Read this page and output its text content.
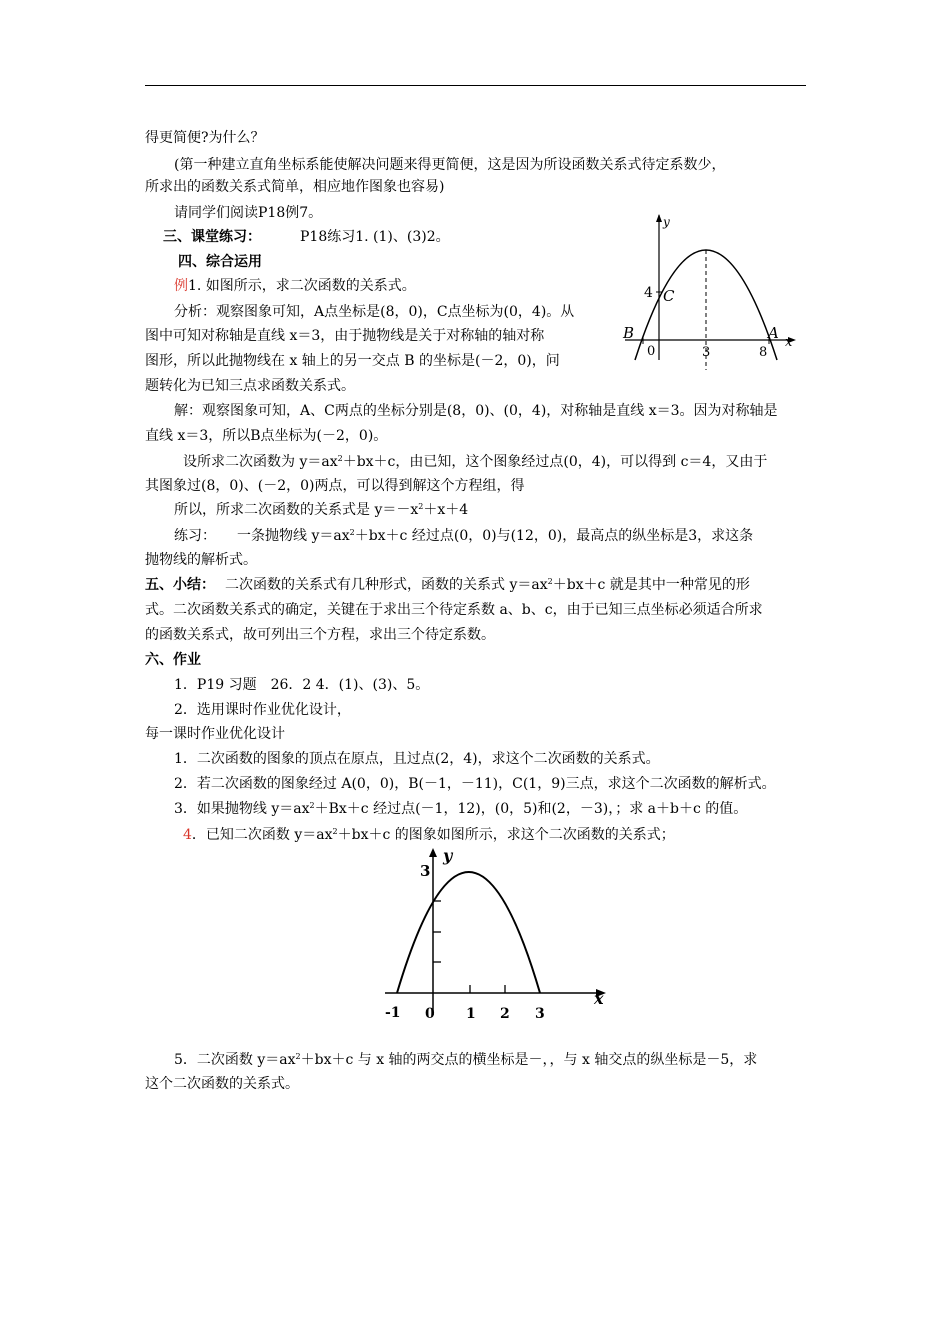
得更简便?为什么？
(第一种建立直角坐标系能使解决问题来得更简便，这是因为所设函数关系式待定系数少，
所求出的函数关系式简单，相应地作图象也容易)
请同学们阅读P18例7。
三、课堂练习：	P18练习1. (1)、(3)2。
四、综合运用
例1. 如图所示，求二次函数的关系式。
分析：观察图象可知，A点坐标是(8，0)，C点坐标为(0，4)。从
图中可知对称轴是直线 x＝3，由于抛物线是关于对称轴的轴对称
图形，所以此抛物线在 x 轴上的另一交点 B 的坐标是(－2，0)，问
题转化为已知三点求函数关系式。
解：观察图象可知，A、C两点的坐标分别是(8，0)、(0，4)，对称轴是直线 x＝3。因为对称轴是
直线 x＝3，所以B点坐标为(－2，0)。
设所求二次函数为 $y=ax^2+bx+c$，由已知，这个图象经过点(0，4)，可以得到 c＝4，又由于
其图象过(8，0)、(－2，0)两点，可以得到解这个方程组，得
所以，所求二次函数的关系式是 $y=-x^2+x+4$
练习：　　一条抛物线 $y=ax^2+bx+c$ 经过点(0，0)与(12，0)，最高点的纵坐标是3，求这条
抛物线的解析式。
五、小结： 二次函数的关系式有几种形式，函数的关系式 $y=ax^2+bx+c$ 就是其中一种常见的形
式。二次函数关系式的确定，关键在于求出三个待定系数 a、b、c，由于已知三点坐标必须适合所求
的函数关系式，故可列出三个方程，求出三个待定系数。
六、作业
1．P19 习题　26．2 4．(1)、(3)、5。
2．选用课时作业优化设计，
每一课时作业优化设计
1．二次函数的图象的顶点在原点，且过点(2，4)，求这个二次函数的关系式。
2．若二次函数的图象经过 A(0，0)，B(－1，－11)，C(1，9)三点，求这个二次函数的解析式。
3．如果抛物线 $y=ax^2+Bx+c$ 经过点(－1，12)，(0，5)和(2，－3)，；求 a＋b＋c 的值。
4．已知二次函数 $y=ax^2+bx+c$ 的图象如图所示，求这个二次函数的关系式；
5．二次函数 $y=ax^2+bx+c$ 与 x 轴的两交点的横坐标是－，，与 x 轴交点的纵坐标是－5，求
这个二次函数的关系式。
y
x
4 C
B	A
0	3	8
y
x
3
-1 0 1 2 3
